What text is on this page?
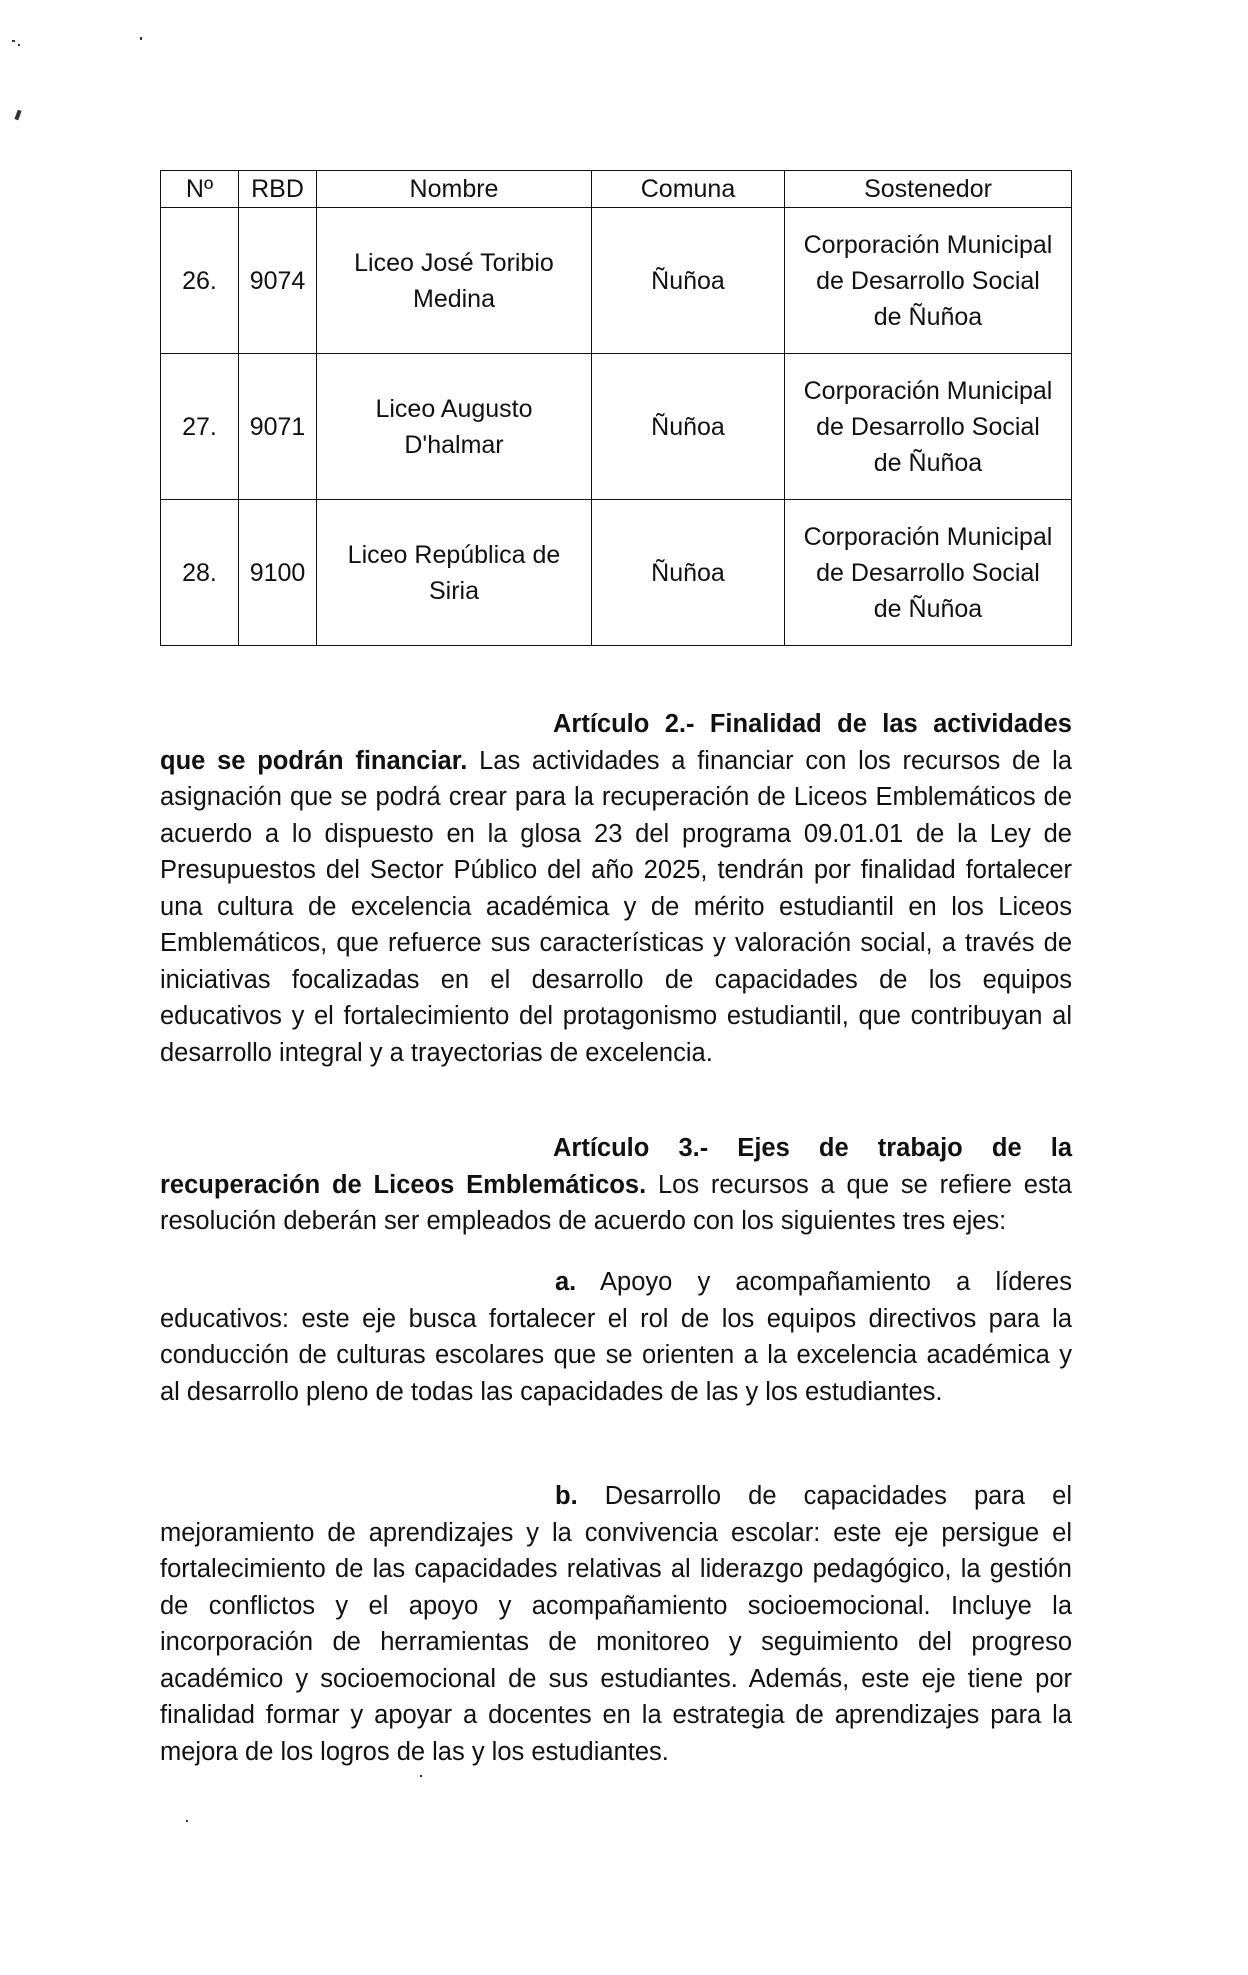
Nº	RBD	Nombre	Comuna	Sostenedor
26.	9074	Liceo José Toribio Medina	Ñuñoa	Corporación Municipal de Desarrollo Social de Ñuñoa
27.	9071	Liceo Augusto D'halmar	Ñuñoa	Corporación Municipal de Desarrollo Social de Ñuñoa
28.	9100	Liceo República de Siria	Ñuñoa	Corporación Municipal de Desarrollo Social de Ñuñoa

Artículo 2.- Finalidad de las actividades que se podrán financiar. Las actividades a financiar con los recursos de la asignación que se podrá crear para la recuperación de Liceos Emblemáticos de acuerdo a lo dispuesto en la glosa 23 del programa 09.01.01 de la Ley de Presupuestos del Sector Público del año 2025, tendrán por finalidad fortalecer una cultura de excelencia académica y de mérito estudiantil en los Liceos Emblemáticos, que refuerce sus características y valoración social, a través de iniciativas focalizadas en el desarrollo de capacidades de los equipos educativos y el fortalecimiento del protagonismo estudiantil, que contribuyan al desarrollo integral y a trayectorias de excelencia.

Artículo 3.- Ejes de trabajo de la recuperación de Liceos Emblemáticos. Los recursos a que se refiere esta resolución deberán ser empleados de acuerdo con los siguientes tres ejes:

a. Apoyo y acompañamiento a líderes educativos: este eje busca fortalecer el rol de los equipos directivos para la conducción de culturas escolares que se orienten a la excelencia académica y al desarrollo pleno de todas las capacidades de las y los estudiantes.

b. Desarrollo de capacidades para el mejoramiento de aprendizajes y la convivencia escolar: este eje persigue el fortalecimiento de las capacidades relativas al liderazgo pedagógico, la gestión de conflictos y el apoyo y acompañamiento socioemocional. Incluye la incorporación de herramientas de monitoreo y seguimiento del progreso académico y socioemocional de sus estudiantes. Además, este eje tiene por finalidad formar y apoyar a docentes en la estrategia de aprendizajes para la mejora de los logros de las y los estudiantes.
